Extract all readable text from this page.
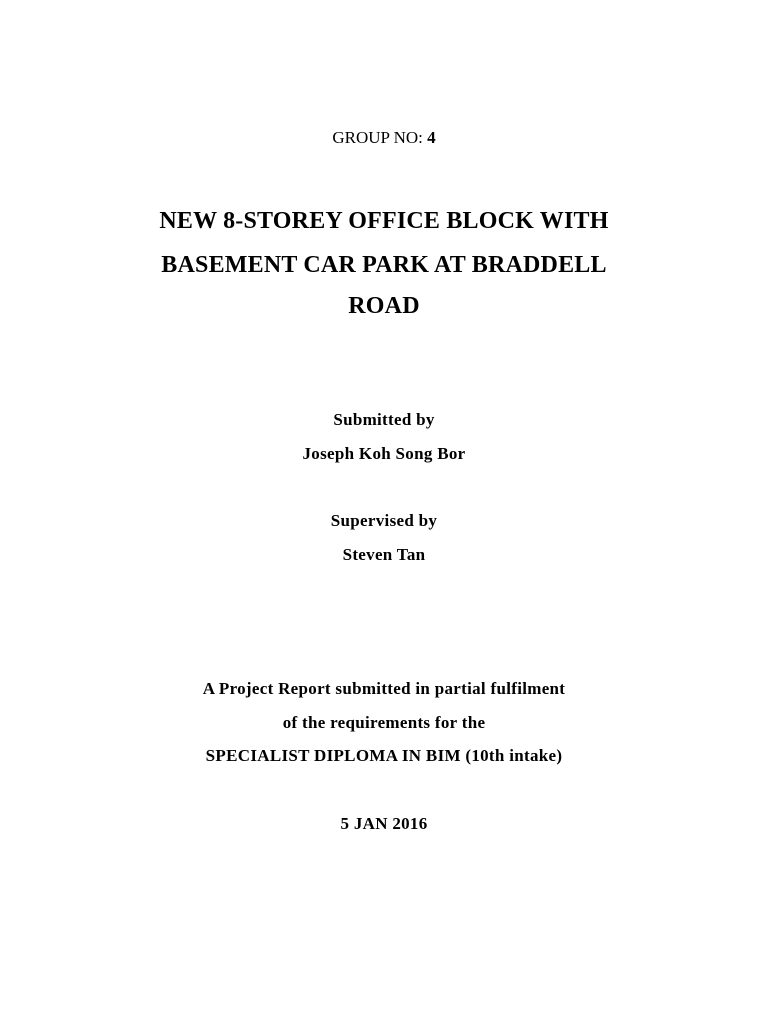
GROUP NO: 4
NEW 8-STOREY OFFICE BLOCK WITH
BASEMENT CAR PARK AT BRADDELL
ROAD
Submitted by
Joseph Koh Song Bor
Supervised by
Steven Tan
A Project Report submitted in partial fulfilment
of the requirements for the
SPECIALIST DIPLOMA IN BIM (10th intake)
5 JAN 2016
